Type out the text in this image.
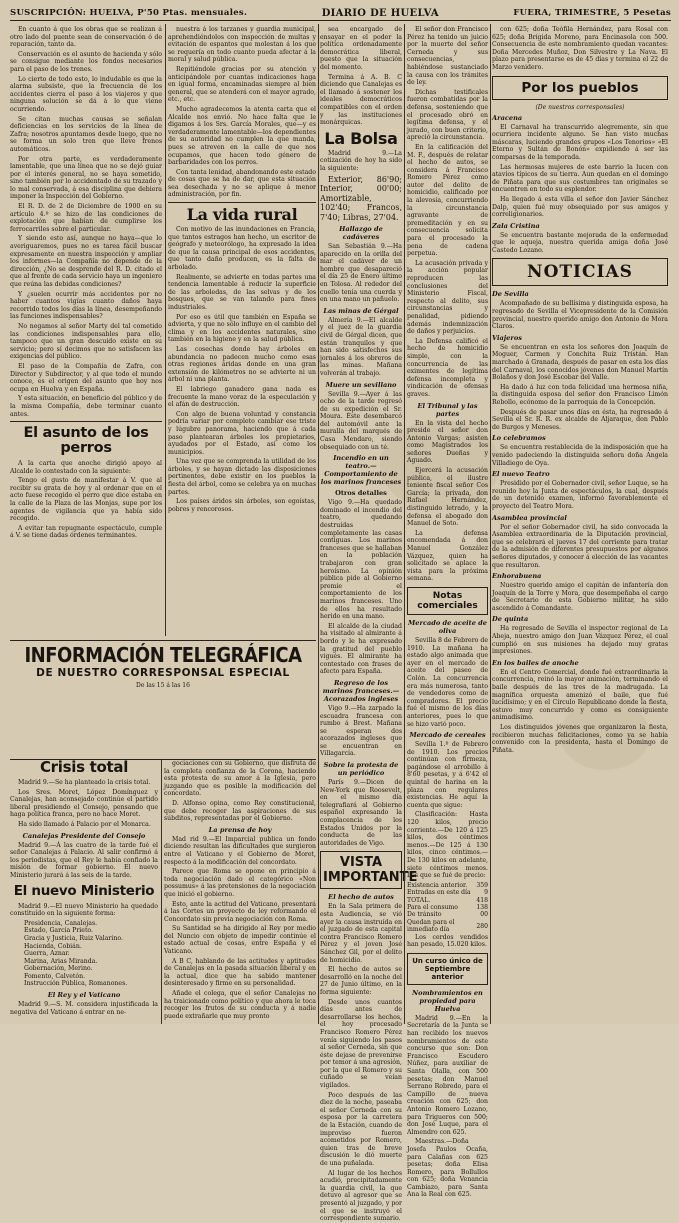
SUSCRIPCIÓN: HUELVA, P'50 Ptas. mensuales.	DIARIO DE HUELVA	FUERA, TRIMESTRE, 5 Pesetas

En cuanto á que los obras que se realizan á otro lado del puente sean de conservación ó de reparación, tanto da.

Conservación es el asunto de hacienda y sólo se consigue mediante los fondos necesarios para el paso de los trenes.

Lo cierto de todo esto, lo indudable es que la alarma subsiste, que la frecuencia de los accidentes cierra el paso á los viajeros y que ninguna solución se dá á lo que viene ocurriendo.

Se citan muchas causas se señalan deficiencias en los servicios de la línea de Zafra; nosotros apuntamos desde luego, que no se forma un solo tren que lleve frenos automáticos.

Por otra parte, es verdaderamente lamentable, que una línea que no se dejó guiar por el interés general, no se haya sometido, sino también por lo accidentado de su trazado y lo mal conservada, á esa disciplina que debiera imponer la Inspección del Gobierno.

El R. D. de 2 de Diciembre de 1900 en su artículo 4.º se hizo de las condiciones de explotación que habían de cumplirse los ferrocarriles sobre el particular.

Y siendo esto así, aunque no haya—que lo averiguaremos, pues no es tarea fácil buscar expresamente en nuestra inspección y ampliar los informes—la Compañía no depende de la dirección, ¿No se desprende del R. D. citado el que al frente de cada servicio haya un ingeniero que reúna las debidas condiciones?

Y ¿suelen ocurrir más accidentes por no haber cuantos vigías cuanto daños haya recorrido todos los días la línea, desempeñando las funciones indispensables?

No negamos al señor Marty del tal cometido las condiciones indispensables para ello, tampoco que un gran descuido existe en su servicio; pero sí decimos que no satisfacen las exigencias del público.

El paso de la Compañía de Zafra, con Director y Subdirector, y al que todo el mundo conoce, es el origen del asunto que hoy nos ocupa en Huelva y en España.

Y esta situación, en beneficio del público y de la misma Compañía, debe terminar cuanto antes.

El asunto de los perros

A la carta que anoche dirigió apoyo al Alcalde lo contestado con la siguiente:

Tengo el gusto de manifestar á V. que al recibir su grata de hoy y al ordenar que en el acto fuese recogido el perro que dice estaba en la calle de la Plaza de las Monjas, supe por los agentes de vigilancia que ya había sido recogido.

A evitar tan repugnante espectáculo, cumple á V. se tiene dadas órdenes terminantes.

nuestra á los tarzanes y guardia municipal, aprehendiéndolos con inspección de multas y evitación de espantos que molestan á los que se requería en todo cuanto pueda afectar á la moral y salud pública.

Repitiéndole gracias por su atención y anticipándole por cuantas indicaciones haga en igual forma, encaminadas siempre al bien general, que se atenderá con el mayor agrado, etc., etc.

Mucho agradecemos la atenta carta que el Alcalde nos envió. No hace falta que le digamos á los Srs. García Morales, que—y es verdaderamente lamentable—los dependientes de su autoridad no cumplen la que manda, pues se atreven en la calle de que nos ocupamos, que hacen todo género de barbaridades con los perros.

Con tanta lenidad, abandonando este estado de cosas que se ha de dar, que esta situación sea desechada y no se aplique á menor administración, por fin.

La vida rural

Con motivo de las inundaciones en Francia, que tantos estragos han hecho, un escritor de geógrafo y meteorólogo, ha expresado la idea de que la causa principal de esos accidentes, que tanto daño producen, es la falta de arbolado.

Realmente, se advierte en todas partes una tendencia lamentable á reducir la superficie de las arboledas, de las selvas y de los bosques, que se van talando para fines industriales.

Por eso es útil que también en España se advierta, y que no sólo influye en el cambio del clima y en los accidentes naturales, sino también en la higiene y en la salud pública.

Las cosechas donde hay árboles en abundancia no padecen mucho como esas otras regiones áridas donde en una gran extensión de kilómetros no se advierte ni un árbol ni una planta.

El labriego ganadero gana nada es frecuente la mano voraz de la especulación y el afán de destrucción.

Con algo de buena voluntad y constancia podría variar por completo cambiar ese triste y lúgubre panorama, haciendo que á cada paso plantearan árboles los propietarios, ayudados por el Estado, así como los municipios.

Una vez que se comprenda la utilidad de los árboles, y se hayan dictado las disposiciones pertinentes, debe existir en los pueblos la fiesta del árbol, como se celebra ya en muchas partes.

Los países áridos sin árboles, son egoístas, pobres y rencorosos.

INFORMACIÓN TELEGRÁFICA
DE NUESTRO CORRESPONSAL ESPECIAL
De las 15 á las 16
Crisis total

Madrid 9.—Se ha planteado la crisis total.

Los Sres. Moret, López Domínguez y Canalejas, han aconsejado continúe el partido liberal presidiendo el Consejo, pensando que haga política franca, pero no hace Moret.

Ha sido llamado á Palacio por el Monarca.

Canalejas Presidente del Consejo

Madrid 9.—Á las cuatro de la tarde fué el señor Canalejas á Palacio. Al salir confirmó á los periodistas, que el Rey le había confiado la misión de formar gobierno. El nuevo Ministerio jurará á las seis de la tarde.

El nuevo Ministerio

Madrid 9.—El nuevo Ministerio ha quedado constituído en la siguiente forma:

Presidencia, Canalejas.

Estado, García Prieto.

Gracia y Justicia, Ruiz Valarino.

Hacienda, Cobián.

Guerra, Aznar.

Marina, Arias Miranda.

Gobernación, Merino.

Fomento, Calvetón.

Instrucción Pública, Romanones.

El Rey y el Vaticano

Madrid 9.—S. M. considera injustificada la negativa del Vaticano á entrar en ne-

gociaciones con su Gobierno, que disfruta de la completa confianza de la Corona, haciendo esta protesta de su amor á la Iglesia, pero juzgando que es posible la modificación del concordato.

D. Alfonso opina, como Rey constitucional, que debe recoger las aspiraciones de sus súbditos, representadas por el Gobierno.

La prensa de hoy

Mad rid 9.—El Imparcial publica un fondo diciendo resultan las dificultades que surgieron entre el Vaticano y el Gobierno de Moret, respecto á la modificación del concordato.

Parece que Roma se opone en principio á toda negociación dado el categórico «Non possumus» á las pretensiones de la negociación que inició el gobierno.

Esto, ante la actitud del Vaticano, presentará á las Cortes un proyecto de ley reformando el Concordato sin previa negociación con Roma.

Su Santidad se ha dirigido al Rey por medio del Nuncio con objeto de impedir continúe el estado actual de cosas, entre España y el Vaticano.

A B C, hablando de las actitudes y aptitudes de Canalejas en la pasada situación liberal y en la actual, dice que ha sabido mantener desinteresado y firme en su personalidad.

Añade el colega, que el señor Canalejas no ha traicionado como político y que ahora le toca recoger los frutos de su conducta y á nadie puede extrañarle que muy pronto

sea encargado de ensayar en el poder la política ordenadamente democrática liberal, puesto que la situación del momento.

Termina á A. B. C diciendo que Canalejas es el llamado á sostener los ideales democráticos compatibles con el orden y las instituciones monárquicas.

La Bolsa

Madrid 9.—La cotización de hoy ha sido la siguiente:

Exterior, 86'90; Interior, 00'00; Amortizable, 102'40; Francos, 7'40; Libras, 27'04.

Hallazgo de cadáveres

San Sebastián 9.—Ha aparecido en la orilla del mar el cadáver de un hombre que desapareció el día 25 de Enero último en Tolosa. Al rededor del cuello tenía una cuerda y en una mano un pañuelo.

Las minas de Gérgal

Almería 9.—El alcalde y el juez de la guardia civil de Gérgal dicen, que están tranquilos y que han sido satisfechos sus jornales á los obreros de las minas. Mañana volverán al trabajo.

Muere un sevillano

Sevilla 9.—Ayer á las ocho de la tarde regresó de su expedición el Sr. Moura. Éste desembarcó del automóvil ante la muralla del marqués de Casa Mendaro, siendo obsequiado con un té.

Incendio en un teatro.—Comportamiento de los marinos franceses
Otros detalles

Vigo 9.—Ha quedado dominado el incendio del teatro, quedando destruídas completamente las casas contiguas. Los marinos franceses que se hallaban en la población trabajaron con gran heroísmo. La opinión pública pide al Gobierno premie el comportamiento de los marinos franceses. Uno de ellos ha resultado herido en una mano.

El alcalde de la ciudad ha visitado al almirante á bordo y le ha expresado la gratitud del pueblo vigués. El almirante ha contestado con frases de afecto para España.

Regreso de los marinos franceses.—Acorazados ingleses

Vigo 9.—Ha zarpado la escuadra francesa con rumbo á Brest. Mañana se esperan dos acorazados ingleses que se encuentran en Villagarcía.

Sobre la protesta de un periódico

París 9.—Dicen de New-York que Roosevelt, en el mismo día telegrafiará al Gobierno español expresando la complacencia de los Estados Unidos por la conducta de las autoridades de Vigo.

VISTA IMPORTANTE
El hecho de autos

En la Sala primera de esta Audiencia, se vió ayer la causa instruída en el juzgado de esta capital contra Francisco Romero Pérez y el joven José Sánchez Gil, por el delito de homicidio.

El hecho de autos se desarrolló en la noche del 27 de Junio último, en la forma siguiente:

Desde unos cuantos días antes de desarrollarse los hechos, el hoy procesado Francisco Romero Pérez venía siguiendo los pasos al señor Cerneda, sin que éste dejase de prevenirse por temor á una agresión, por la que el Romero y su cuñado se veían vigilados.

Poco después de las diez de la noche, paseaba el señor Cerneda con su esposa por la carretera de la Estación, cuando de improviso fueron acometidos por Romero, quien tras de breve discusión le dió muerte de una puñalada.

Al lugar de los hechos acudió, precipitadamente la guardia civil, la que detuvo al agresor que se presentó al juzgado, y por el que se instruyó el correspondiente sumario.

con 625; doña Teófila Hernández, para Rosal con 625; doña Brígida Moreno, para Encinasola con 500. Consecuencia de este nombramiento quedan vacantes: Doña Mercedes Muñoz, Don Silvestre y La Nava. El plazo para presentarse es de 45 días y termina el 22 de Marzo venidero.

Por los pueblos
(De nuestros corresponsales)
Aracena

El Carnaval ha transcurrido alegremente, sin que ocurriera incidente alguno. Se han visto muchas máscaras, luciendo grandes grupos «Los Tenorios» «El Eterno y Sultán de Bonón» expidiendo á ser las comparsas de la temporada.

Las hermosas mujeres de este barrio la lucen con atavíos típicos de su tierra. Aun quedan en el domingo de Piñata para que sus costumbres tan originales se encuentren en todo su esplendor.

Ha llegado á esta villa el señor don Javier Sánchez Dalp, quien fué muy obsequiado por sus amigos y correligionarios.

Zala Cristina

Se encuentra bastante mejorada de la enfermedad que le aqueja, nuestra querida amiga doña José Castedo Lozano.

NOTICIAS
De Sevilla

Acompañado de su bellísima y distinguida esposa, ha regresado de Sevilla el Vicepresidente de la Comisión provincial, nuestro querido amigo don Antonio de Mora Claros.

Viajeros

Se encuentran en esta los señores don Joaquín de Moguer, Carmen y Conchita Ruiz Tristán. Han marchado á Granada, después de pasar en esta los días del Carnaval, los conocidos jóvenes don Manuel Martín Bolaños y don José Escobar del Valle.

Ha dado á luz con toda felicidad una hermosa niña, la distinguida esposa del señor don Francisco Limón Rebollo, ecónomo de la parroquia de la Concepción.

Después de pasar unos días en ésta, ha regresado á Sevilla el Sr. R. R. ex alcalde de Aljaraque, don Pablo de Burgos y Meneses.

Lo celebramos

Se encuentra restablecida de la indisposición que ha venido padeciendo la distinguida señora doña Angela Villadiego de Oya.

El nuevo Teatro

Presidido por el Gobernador civil, señor Luque, se ha reunido hoy la Junta de espectáculos, la cual, después de un detenido examen, informó favorablemente el proyecto del Teatro Mora.

Asamblea provincial

Por el señor Gobernador civil, ha sido convocada la Asamblea extraordinaria de la Diputación provincial, que se celebrará el jueves 17 del corriente para tratar de la admisión de diferentes presupuestos por algunos señores diputados, y conocer á elección de las vacantes que resultaron.

Enhorabuena

Nuestro querido amigo el capitán de infantería don Joaquín de la Torre y Mora, que desempeñaba el cargo de Secretario de esta Gobierno militar, ha sido ascendido á Comandante.

De quinta

Ha regresado de Sevilla el inspector regional de La Abeja, nuestro amigo don Juan Vázquez Pérez, el cual cumplió en sus misiones ha dejado muy gratas impresiones.

En los bailes de anoche

En el Centro Comercial, donde fué extraordinaria la concurrencia, reinó la mayor animación, terminando el baile después de las tres de la madrugada. La magnífica orquesta amenizó el baile, que fué lucidísimo; y en el Círculo Republicano donde la fiesta, estuvo muy concurrido y como es consiguiente animadísimo.

Los distinguidos jóvenes que organizaron la fiesta, recibieron muchas felicitaciones, como ya se había convenido con la presidenta, hasta el Domingo de Piñata.

El señor don Francisco Pérez ha tenido un juicio por la muerte del señor Cerneda y sus consecuencias, habiéndose sustanciado la causa con los trámites de ley.

Dichas testificales fueron combatidas por la defensa, sosteniendo que el procesado obró en legítima defensa, y el jurado, con buen criterio, apreció la circunstancia.

En la calificación del M. F., después de relatar el hecho de autos, se considera á Francisco Romero Pérez como autor del delito de homicidio, calificado por la alevosía, concurriendo la circunstancia agravante de premeditación y en su consecuencia solicita para el procesado la pena de cadena perpetua.

La acusación privada y la acción popular reproducen las conclusiones del Ministerio Fiscal, respecto al delito, sus circunstancias y penalidad, pidiendo además indemnización de daños y perjuicios.

La Defensa calificó el hecho de homicidio simple, con la concurrencia de las eximentes de legítima defensa incompleta y vindicación de ofensas graves.

El Tribunal y las partes

En la vista del hecho preside el señor don Antonio Vargas; asisten como Magistrados los señores Dueñas y Aguado.

Ejercerá la acusación pública, el ilustre teniente fiscal señor Cos García; la privada, don Rafael Hernández, distinguido letrado, y la defensa el abogado don Manuel de Soto.

La defensa encomendada á don Manuel González Vázquez, quien ha solicitado se aplace la vista para la próxima semana.

Notas comerciales
Mercado de aceite de oliva

Sevilla 8 de Febrero de 1910. La mañana ha estado algo animada que ayer en el mercado de aceite del paseo de Colón. La concurrencia era más numerosa, tanto de vendedores como de compradores. El precio fué el mismo de los días anteriores, pues lo que se hizo varió poco.

Mercado de cereales

Sevilla 1.º de Febrero de 1910. Los precios continúan con firmeza, pagándose el arrobillo á 8'60 pesetas, y á 6'42 el quintal de harina en la plaza con regulares existencias. He aquí la cuenta que sigue:

Clasificación: Hasta 120 kilos, precio corriente.—De 120 á 125 kilos, dos céntimos menos.—De 125 á 130 kilos, cinco céntimos.—De 130 kilos en adelante, siete céntimos menos. Los que se fué de precio:

Existencia anterior.	359
Entradas en este día	9
TOTAL.	418
Para el consumo	138
De tránsito	00
Quedan para el inmediato día	280

Los cerdos vendidos han pesado, 15.020 kilos.

Un curso único de Septiembre anterior
Nombramientos en propiedad para Huelva

Madrid 9.—En la Secretaría de la Junta se han recibido los nuevos nombramientos de este concurso que son: Don Francisco Escudero Núñez, para auxiliar de Santa Olalla, con 500 pesetas; don Manuel Serrano Robredo, para el Campillo de nueva creación con 625; don Antonio Romero Lozano, para Trigueros con 500; don José Luque, para el Almendro con 625.

Maestras.—Doña Josefa Paulos Ocaña, para Calañas con 625 pesetas; doña Elisa Romero, para Bollullos con 625; doña Venancia Cambiazo, para Santa Ana la Real con 625.
